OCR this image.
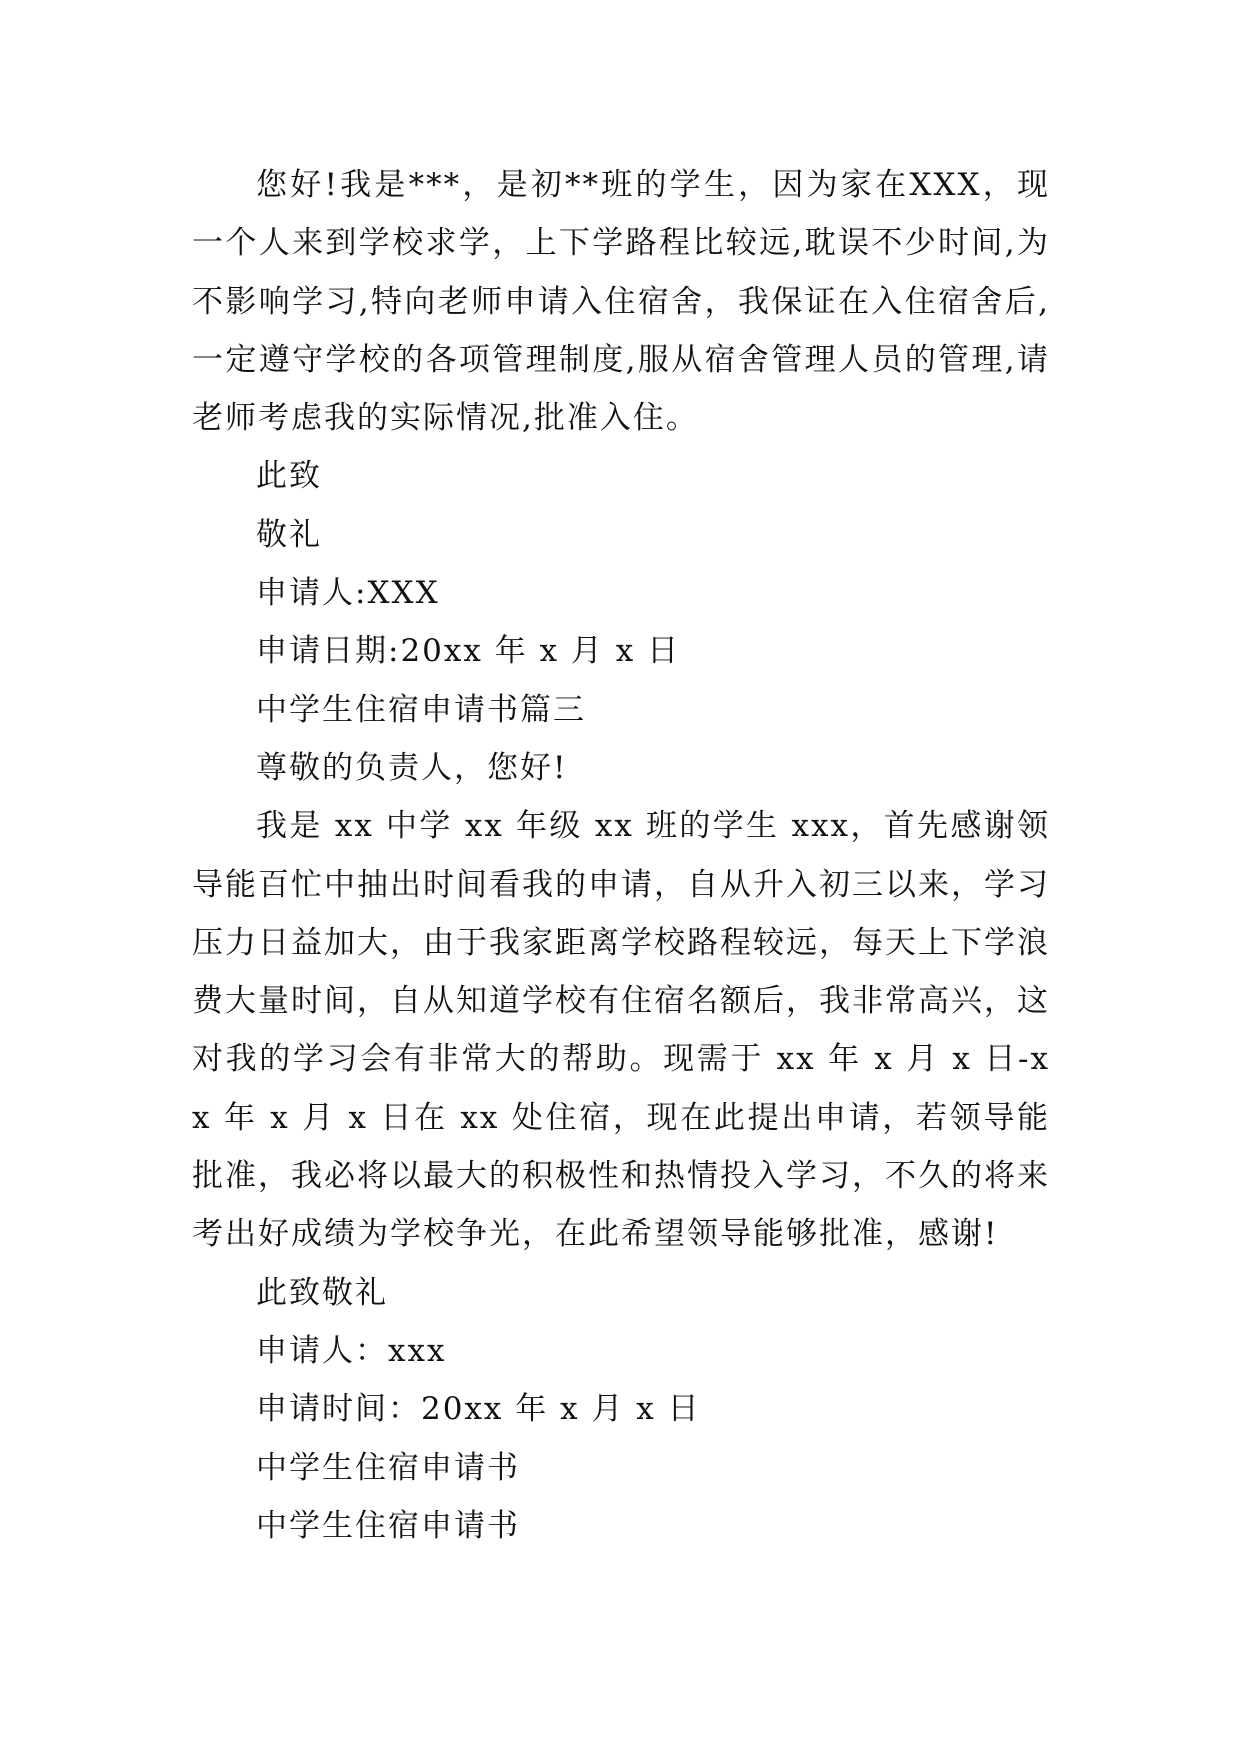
您好!我是***，是初**班的学生，因为家在XXX，现一个人来到学校求学，上下学路程比较远,耽误不少时间,为不影响学习,特向老师申请入住宿舍，我保证在入住宿舍后,一定遵守学校的各项管理制度,服从宿舍管理人员的管理,请老师考虑我的实际情况,批准入住。

此致

敬礼

申请人:XXX

申请日期:20xx 年 x 月 x 日

中学生住宿申请书篇三

尊敬的负责人，您好!

我是 xx 中学 xx 年级 xx 班的学生 xxx，首先感谢领导能百忙中抽出时间看我的申请，自从升入初三以来，学习压力日益加大，由于我家距离学校路程较远，每天上下学浪费大量时间，自从知道学校有住宿名额后，我非常高兴，这对我的学习会有非常大的帮助。现需于 xx 年 x 月 x 日-xx 年 x 月 x 日在 xx 处住宿，现在此提出申请，若领导能批准，我必将以最大的积极性和热情投入学习，不久的将来考出好成绩为学校争光，在此希望领导能够批准，感谢!

此致敬礼

申请人：xxx

申请时间：20xx 年 x 月 x 日

中学生住宿申请书

中学生住宿申请书
